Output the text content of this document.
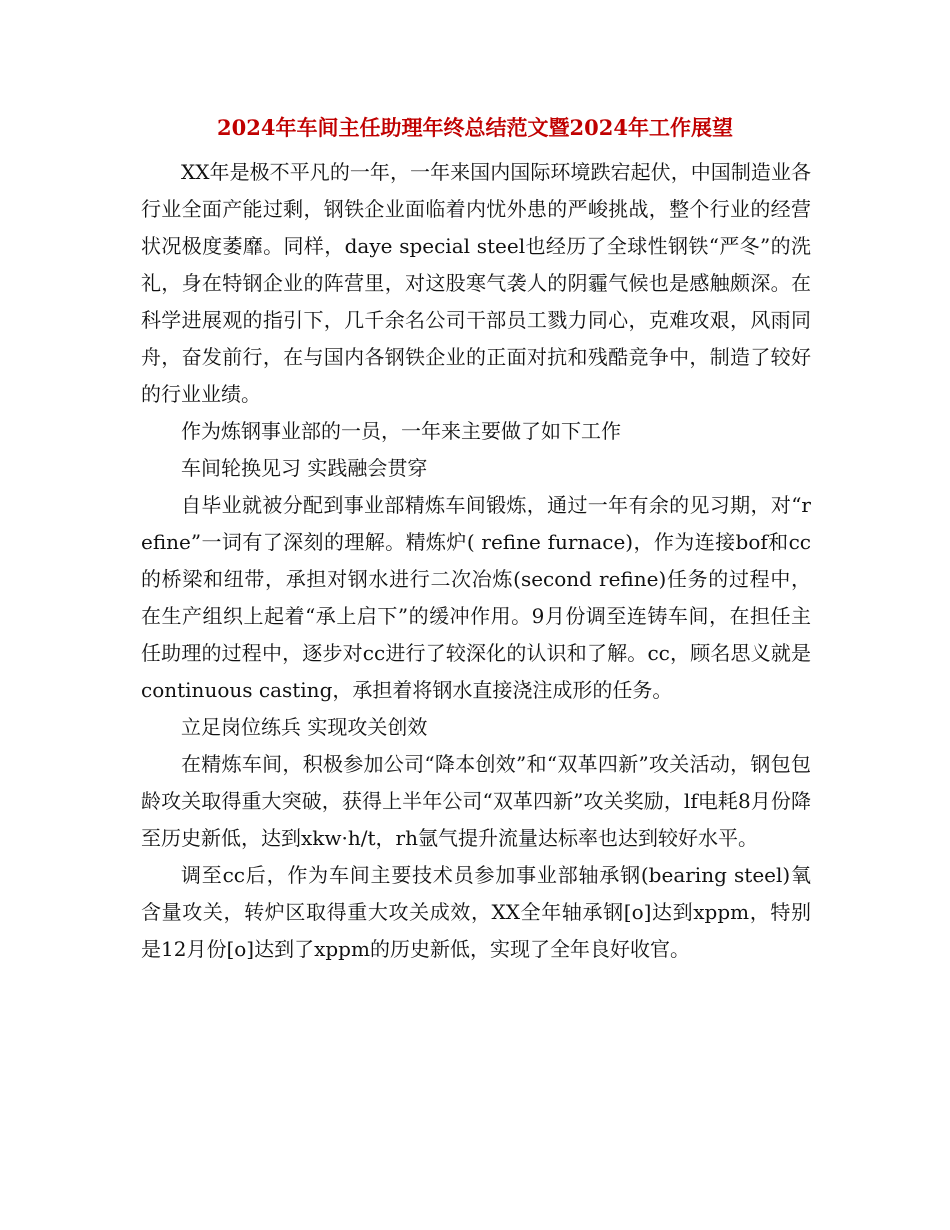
2024年车间主任助理年终总结范文暨2024年工作展望

XX年是极不平凡的一年，一年来国内国际环境跌宕起伏，中国制造业各行业全面产能过剩，钢铁企业面临着内忧外患的严峻挑战，整个行业的经营状况极度萎靡。同样，daye special steel也经历了全球性钢铁“严冬”的洗礼，身在特钢企业的阵营里，对这股寒气袭人的阴霾气候也是感触颇深。在科学进展观的指引下，几千余名公司干部员工戮力同心，克难攻艰，风雨同舟，奋发前行，在与国内各钢铁企业的正面对抗和残酷竞争中，制造了较好的行业业绩。

作为炼钢事业部的一员，一年来主要做了如下工作

车间轮换见习 实践融会贯穿

自毕业就被分配到事业部精炼车间锻炼，通过一年有余的见习期，对“refine”一词有了深刻的理解。精炼炉( refine furnace)，作为连接bof和cc的桥梁和纽带，承担对钢水进行二次冶炼(second refine)任务的过程中，在生产组织上起着“承上启下”的缓冲作用。9月份调至连铸车间，在担任主任助理的过程中，逐步对cc进行了较深化的认识和了解。cc，顾名思义就是continuous casting，承担着将钢水直接浇注成形的任务。

立足岗位练兵 实现攻关创效

在精炼车间，积极参加公司“降本创效”和“双革四新”攻关活动，钢包包龄攻关取得重大突破，获得上半年公司“双革四新”攻关奖励，lf电耗8月份降至历史新低，达到xkw·h/t，rh氩气提升流量达标率也达到较好水平。

调至cc后，作为车间主要技术员参加事业部轴承钢(bearing steel)氧含量攻关，转炉区取得重大攻关成效，XX全年轴承钢[o]达到xppm，特别是12月份[o]达到了xppm的历史新低，实现了全年良好收官。
